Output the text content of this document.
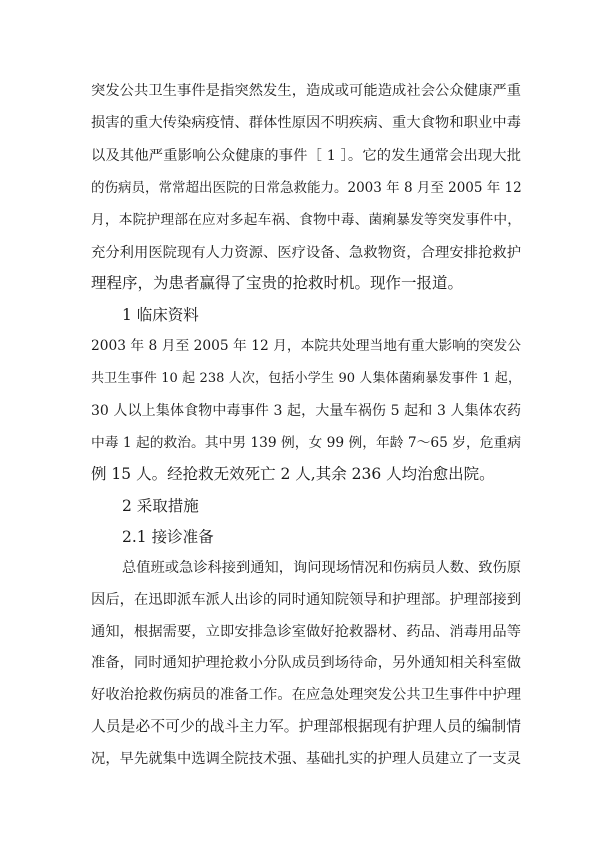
突发公共卫生事件是指突然发生，造成或可能造成社会公众健康严重
损害的重大传染病疫情、群体性原因不明疾病、重大食物和职业中毒
以及其他严重影响公众健康的事件［ 1 ］。它的发生通常会出现大批
的伤病员，常常超出医院的日常急救能力。2003 年 8 月至 2005 年 12
月，本院护理部在应对多起车祸、食物中毒、菌痢暴发等突发事件中，
充分利用医院现有人力资源、医疗设备、急救物资，合理安排抢救护
理程序，为患者赢得了宝贵的抢救时机。现作一报道。
1 临床资料
2003 年 8 月至 2005 年 12 月，本院共处理当地有重大影响的突发公
共卫生事件 10 起 238 人次，包括小学生 90 人集体菌痢暴发事件 1 起，
30 人以上集体食物中毒事件 3 起，大量车祸伤 5 起和 3 人集体农药
中毒 1 起的救治。其中男 139 例，女 99 例，年龄 7～65 岁，危重病
例 15 人。经抢救无效死亡 2 人,其余 236 人均治愈出院。
2 采取措施
2.1 接诊准备
总值班或急诊科接到通知，询问现场情况和伤病员人数、致伤原
因后，在迅即派车派人出诊的同时通知院领导和护理部。护理部接到
通知，根据需要，立即安排急诊室做好抢救器材、药品、消毒用品等
准备，同时通知护理抢救小分队成员到场待命，另外通知相关科室做
好收治抢救伤病员的准备工作。在应急处理突发公共卫生事件中护理
人员是必不可少的战斗主力军。护理部根据现有护理人员的编制情
况，早先就集中选调全院技术强、基础扎实的护理人员建立了一支灵
